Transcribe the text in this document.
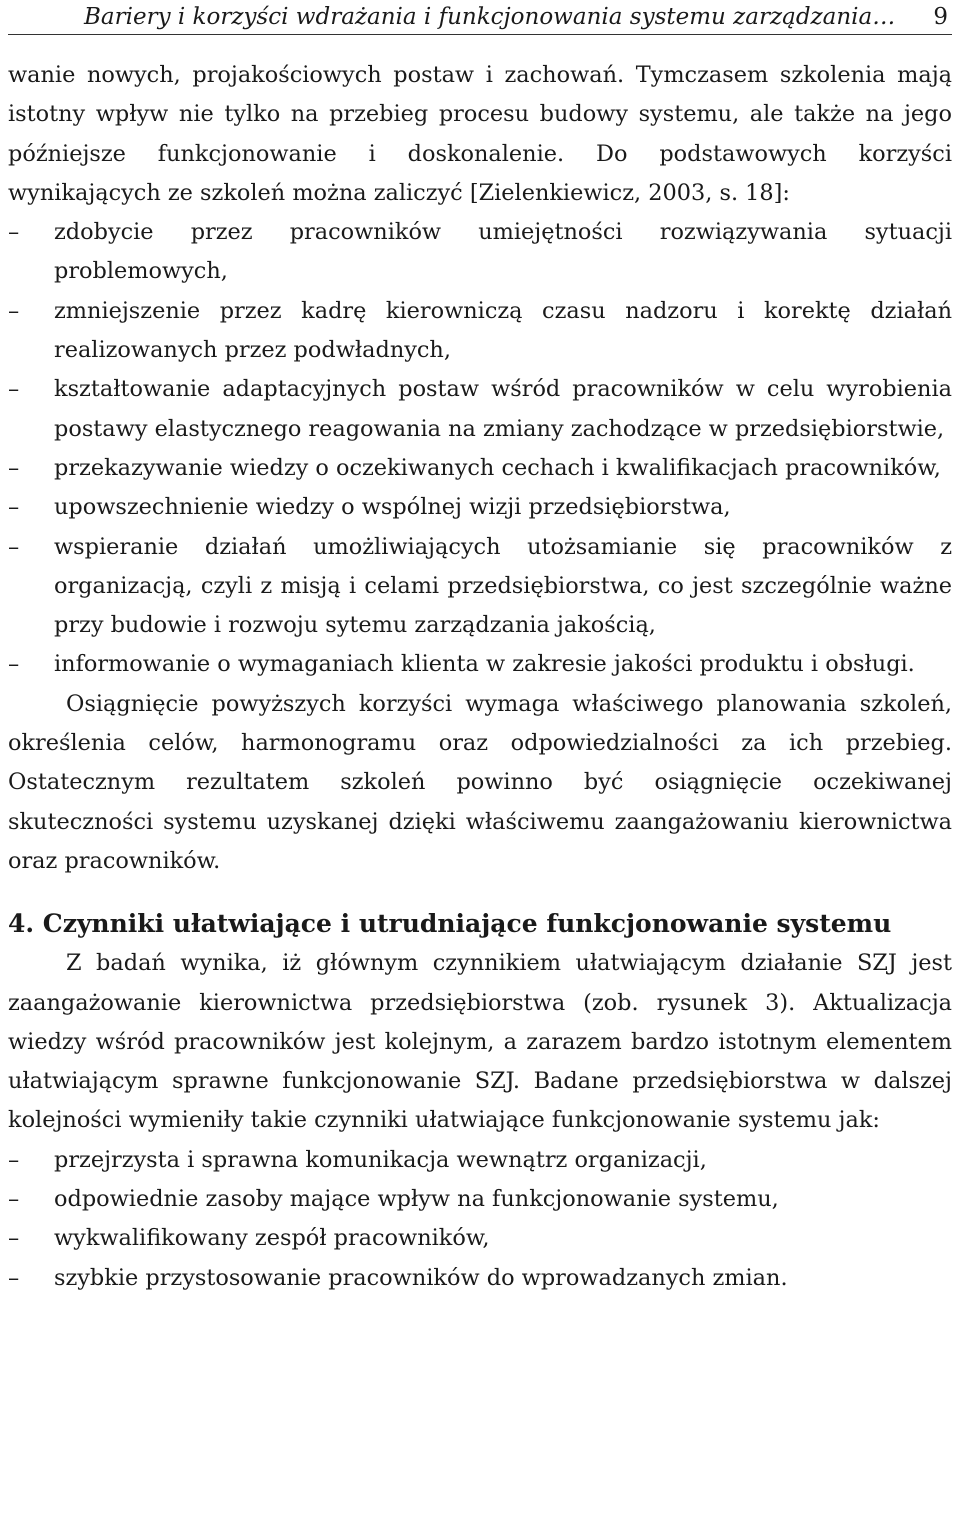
Bariery i korzyści wdrażania i funkcjonowania systemu zarządzania… 9

wanie nowych, projakościowych postaw i zachowań. Tymczasem szkolenia mają istotny wpływ nie tylko na przebieg procesu budowy systemu, ale także na jego późniejsze funkcjonowanie i doskonalenie. Do podstawowych korzyści wynikających ze szkoleń można zaliczyć [Zielenkiewicz, 2003, s. 18]:

– zdobycie przez pracowników umiejętności rozwiązywania sytuacji problemowych,
– zmniejszenie przez kadrę kierowniczą czasu nadzoru i korektę działań realizowanych przez podwładnych,
– kształtowanie adaptacyjnych postaw wśród pracowników w celu wyrobienia postawy elastycznego reagowania na zmiany zachodzące w przedsiębiorstwie,
– przekazywanie wiedzy o oczekiwanych cechach i kwalifikacjach pracowników,
– upowszechnienie wiedzy o wspólnej wizji przedsiębiorstwa,
– wspieranie działań umożliwiających utożsamianie się pracowników z organizacją, czyli z misją i celami przedsiębiorstwa, co jest szczególnie ważne przy budowie i rozwoju sytemu zarządzania jakością,
– informowanie o wymaganiach klienta w zakresie jakości produktu i obsługi.

Osiągnięcie powyższych korzyści wymaga właściwego planowania szkoleń, określenia celów, harmonogramu oraz odpowiedzialności za ich przebieg. Ostatecznym rezultatem szkoleń powinno być osiągnięcie oczekiwanej skuteczności systemu uzyskanej dzięki właściwemu zaangażowaniu kierownictwa oraz pracowników.

4. Czynniki ułatwiające i utrudniające funkcjonowanie systemu

Z badań wynika, iż głównym czynnikiem ułatwiającym działanie SZJ jest zaangażowanie kierownictwa przedsiębiorstwa (zob. rysunek 3). Aktualizacja wiedzy wśród pracowników jest kolejnym, a zarazem bardzo istotnym elementem ułatwiającym sprawne funkcjonowanie SZJ. Badane przedsiębiorstwa w dalszej kolejności wymieniły takie czynniki ułatwiające funkcjonowanie systemu jak:

– przejrzysta i sprawna komunikacja wewnątrz organizacji,
– odpowiednie zasoby mające wpływ na funkcjonowanie systemu,
– wykwalifikowany zespół pracowników,
– szybkie przystosowanie pracowników do wprowadzanych zmian.
